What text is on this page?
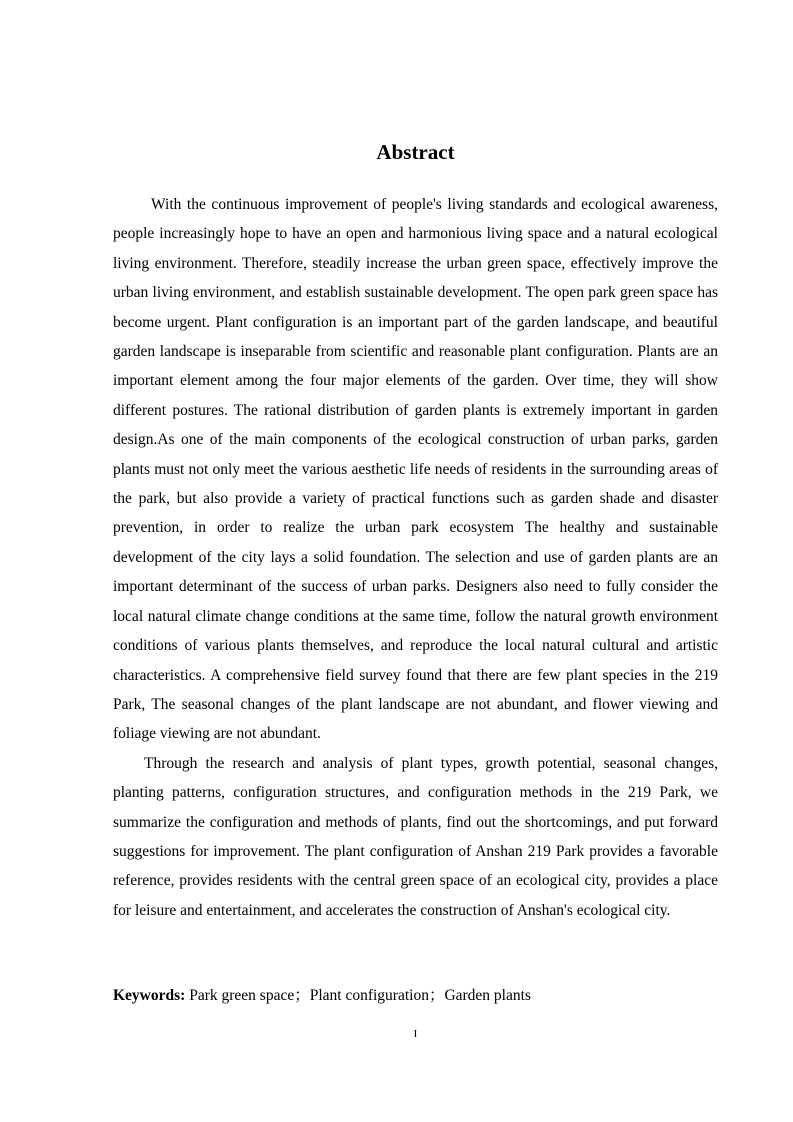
Abstract

With the continuous improvement of people's living standards and ecological awareness, people increasingly hope to have an open and harmonious living space and a natural ecological living environment. Therefore, steadily increase the urban green space, effectively improve the urban living environment, and establish sustainable development. The open park green space has become urgent. Plant configuration is an important part of the garden landscape, and beautiful garden landscape is inseparable from scientific and reasonable plant configuration. Plants are an important element among the four major elements of the garden. Over time, they will show different postures. The rational distribution of garden plants is extremely important in garden design.As one of the main components of the ecological construction of urban parks, garden plants must not only meet the various aesthetic life needs of residents in the surrounding areas of the park, but also provide a variety of practical functions such as garden shade and disaster prevention, in order to realize the urban park ecosystem The healthy and sustainable development of the city lays a solid foundation. The selection and use of garden plants are an important determinant of the success of urban parks. Designers also need to fully consider the local natural climate change conditions at the same time, follow the natural growth environment conditions of various plants themselves, and reproduce the local natural cultural and artistic characteristics. A comprehensive field survey found that there are few plant species in the 219 Park, The seasonal changes of the plant landscape are not abundant, and flower viewing and foliage viewing are not abundant.

Through the research and analysis of plant types, growth potential, seasonal changes, planting patterns, configuration structures, and configuration methods in the 219 Park, we summarize the configuration and methods of plants, find out the shortcomings, and put forward suggestions for improvement. The plant configuration of Anshan 219 Park provides a favorable reference, provides residents with the central green space of an ecological city, provides a place for leisure and entertainment, and accelerates the construction of Anshan's ecological city.

Keywords: Park green space；Plant configuration；Garden plants
I
